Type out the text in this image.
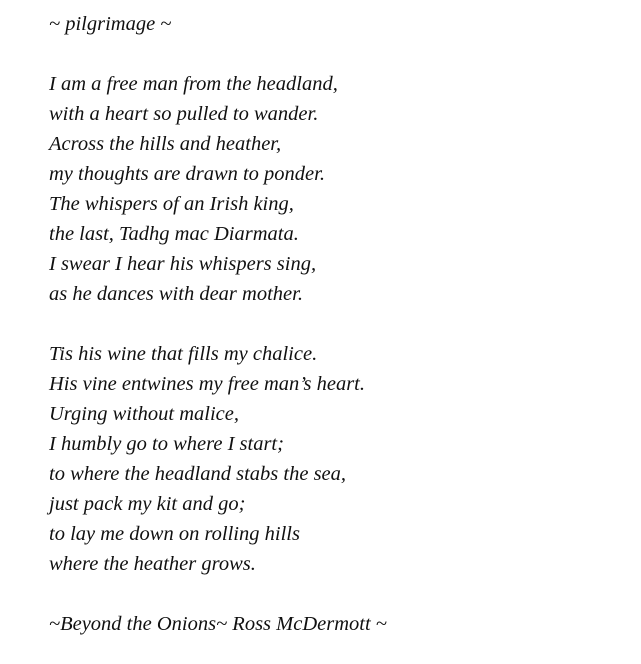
~ pilgrimage ~
I am a free man from the headland,
with a heart so pulled to wander.
Across the hills and heather,
my thoughts are drawn to ponder.
The whispers of an Irish king,
the last, Tadhg mac Diarmata.
I swear I hear his whispers sing,
as he dances with dear mother.
Tis his wine that fills my chalice.
His vine entwines my free man’s heart.
Urging without malice,
I humbly go to where I start;
to where the headland stabs the sea,
just pack my kit and go;
to lay me down on rolling hills
where the heather grows.
~Beyond the Onions~ Ross McDermott ~
